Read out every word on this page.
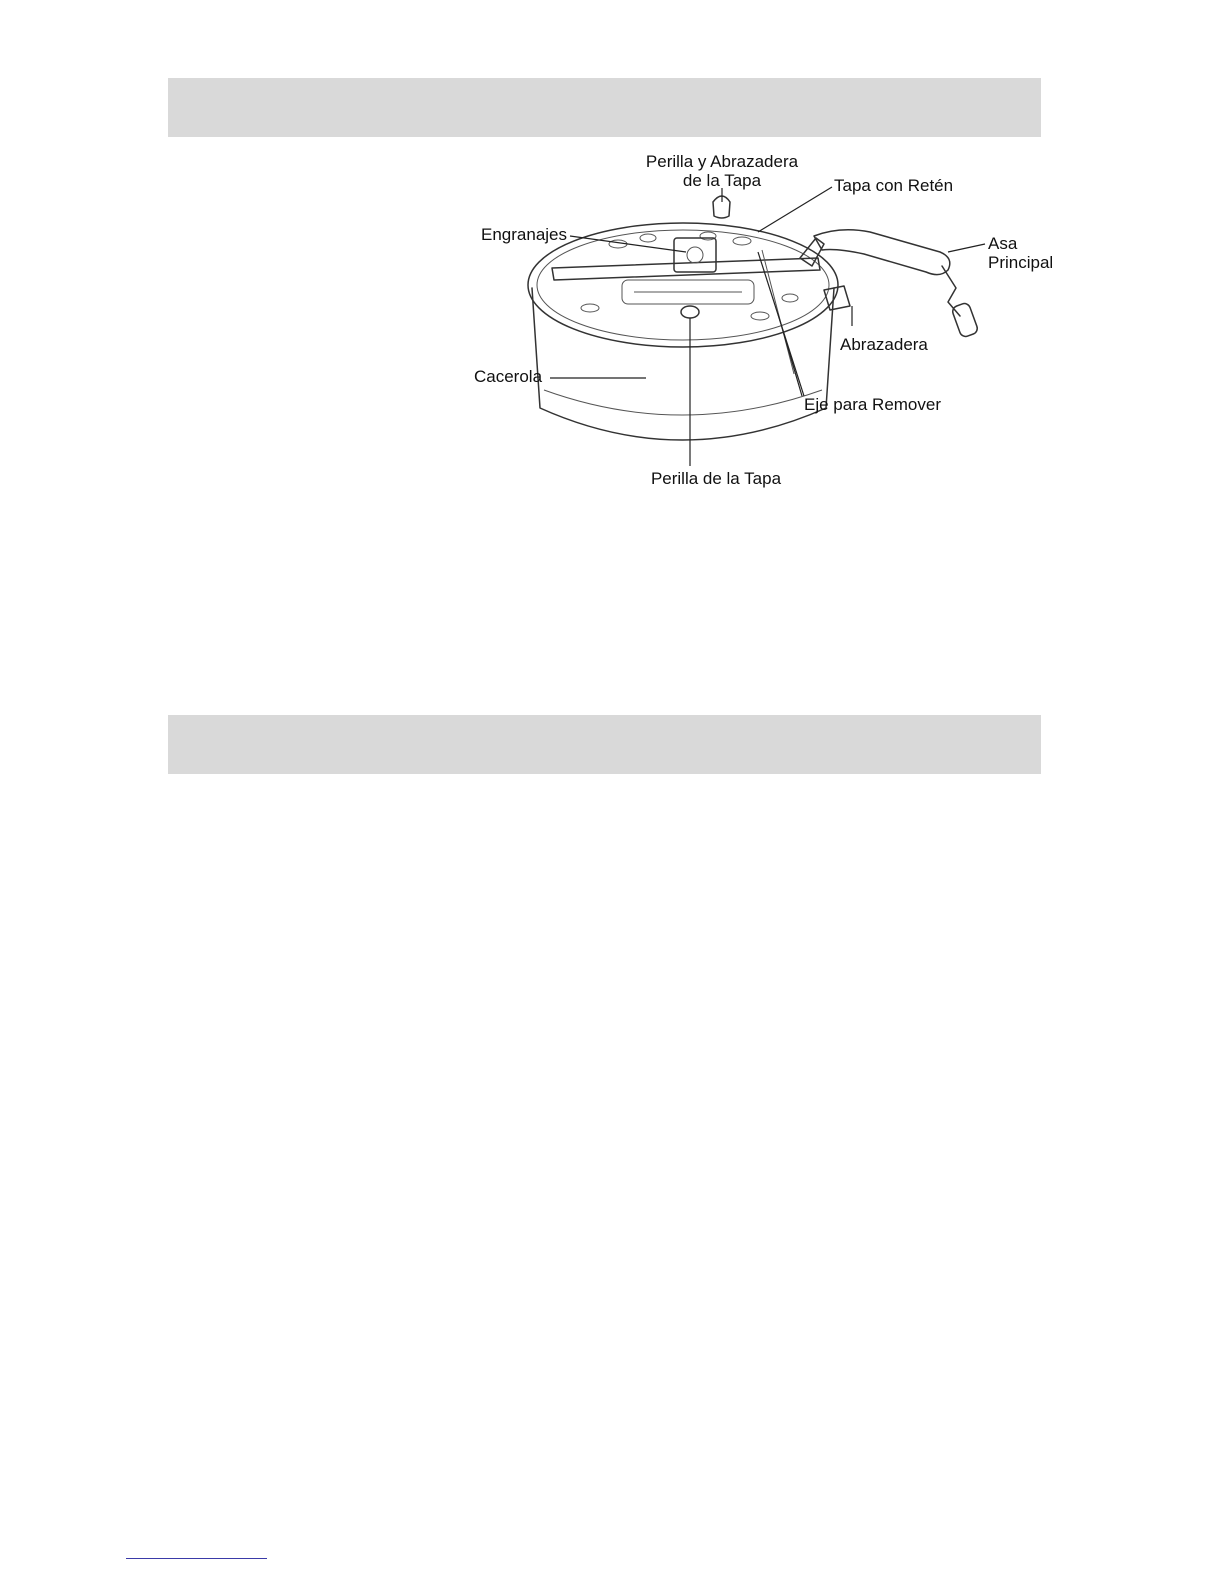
Perilla y Abrazadera
de la Tapa	Tapa con Retén
Engranajes	Asa
Principal
Abrazadera
Cacerola
Eje para Remover
Perilla de la Tapa
